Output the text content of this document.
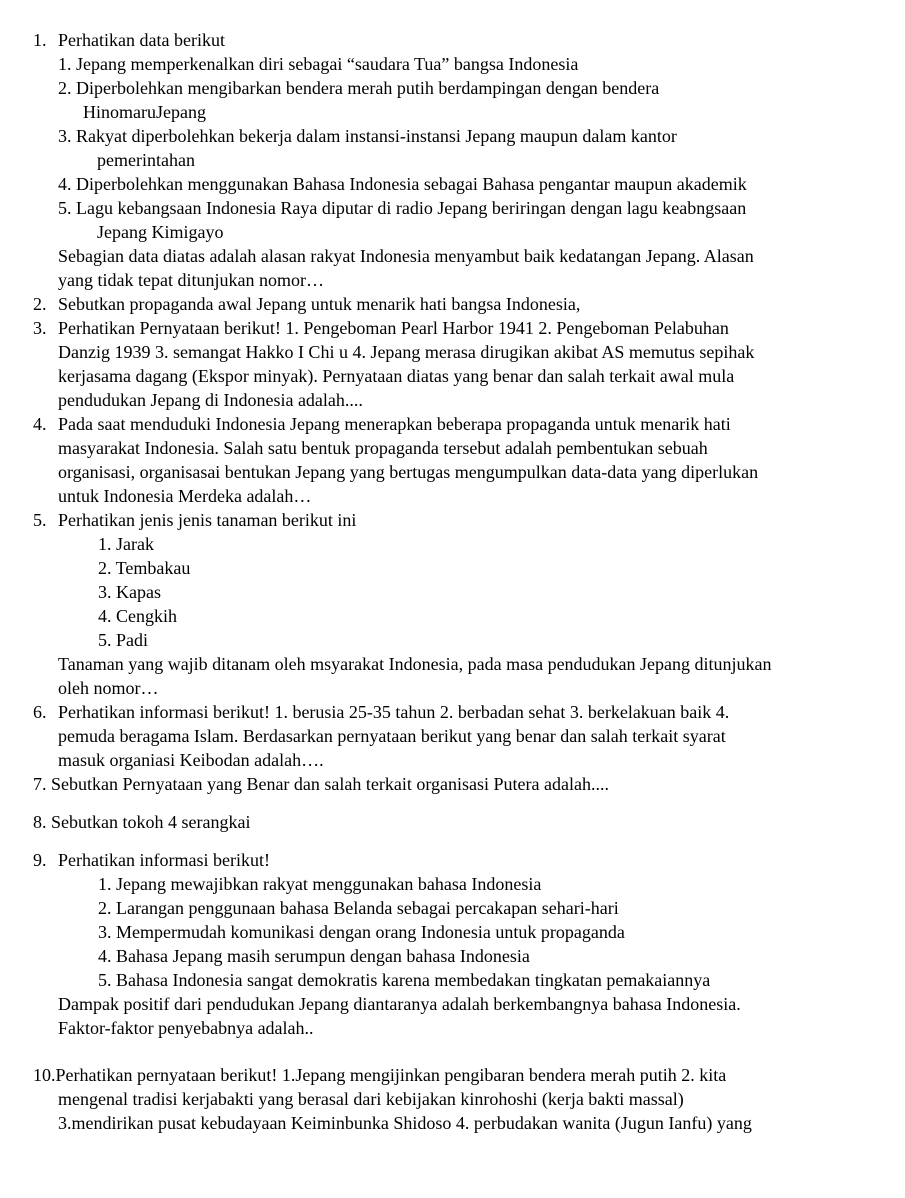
1. Perhatikan data berikut
1. Jepang memperkenalkan diri sebagai “saudara Tua” bangsa Indonesia
2. Diperbolehkan mengibarkan bendera merah putih berdampingan dengan bendera
HinomaruJepang
3. Rakyat diperbolehkan bekerja dalam instansi-instansi Jepang maupun dalam kantor
pemerintahan
4. Diperbolehkan menggunakan Bahasa Indonesia sebagai Bahasa pengantar maupun akademik
5. Lagu kebangsaan Indonesia Raya diputar di radio Jepang beriringan dengan lagu keabngsaan
Jepang Kimigayo
Sebagian data diatas adalah alasan rakyat Indonesia menyambut baik kedatangan Jepang. Alasan
yang tidak tepat ditunjukan nomor…
2. Sebutkan propaganda awal Jepang untuk menarik hati bangsa Indonesia,
3. Perhatikan Pernyataan berikut! 1. Pengeboman Pearl Harbor 1941 2. Pengeboman Pelabuhan
Danzig 1939 3. semangat Hakko I Chi u 4. Jepang merasa dirugikan akibat AS memutus sepihak
kerjasama dagang (Ekspor minyak). Pernyataan diatas yang benar dan salah terkait awal mula
pendudukan Jepang di Indonesia adalah....
4. Pada saat menduduki Indonesia Jepang menerapkan beberapa propaganda untuk menarik hati
masyarakat Indonesia. Salah satu bentuk propaganda tersebut adalah pembentukan sebuah
organisasi, organisasai bentukan Jepang yang bertugas mengumpulkan data-data yang diperlukan
untuk Indonesia Merdeka adalah…
5. Perhatikan jenis jenis tanaman berikut ini
1. Jarak
2. Tembakau
3. Kapas
4. Cengkih
5. Padi
Tanaman yang wajib ditanam oleh msyarakat Indonesia, pada masa pendudukan Jepang ditunjukan
oleh nomor…
6. Perhatikan informasi berikut! 1. berusia 25-35 tahun 2. berbadan sehat 3. berkelakuan baik 4.
pemuda beragama Islam. Berdasarkan pernyataan berikut yang benar dan salah terkait syarat
masuk organiasi Keibodan adalah….
7. Sebutkan Pernyataan yang Benar dan salah terkait organisasi Putera adalah....
8. Sebutkan tokoh 4 serangkai
9. Perhatikan informasi berikut!
1. Jepang mewajibkan rakyat menggunakan bahasa Indonesia
2. Larangan penggunaan bahasa Belanda sebagai percakapan sehari-hari
3. Mempermudah komunikasi dengan orang Indonesia untuk propaganda
4. Bahasa Jepang masih serumpun dengan bahasa Indonesia
5. Bahasa Indonesia sangat demokratis karena membedakan tingkatan pemakaiannya
Dampak positif dari pendudukan Jepang diantaranya adalah berkembangnya bahasa Indonesia.
Faktor-faktor penyebabnya adalah..
10.Perhatikan pernyataan berikut! 1.Jepang mengijinkan pengibaran bendera merah putih 2. kita
mengenal tradisi kerjabakti yang berasal dari kebijakan kinrohoshi (kerja bakti massal)
3.mendirikan pusat kebudayaan Keiminbunka Shidoso 4. perbudakan wanita (Jugun Ianfu) yang
